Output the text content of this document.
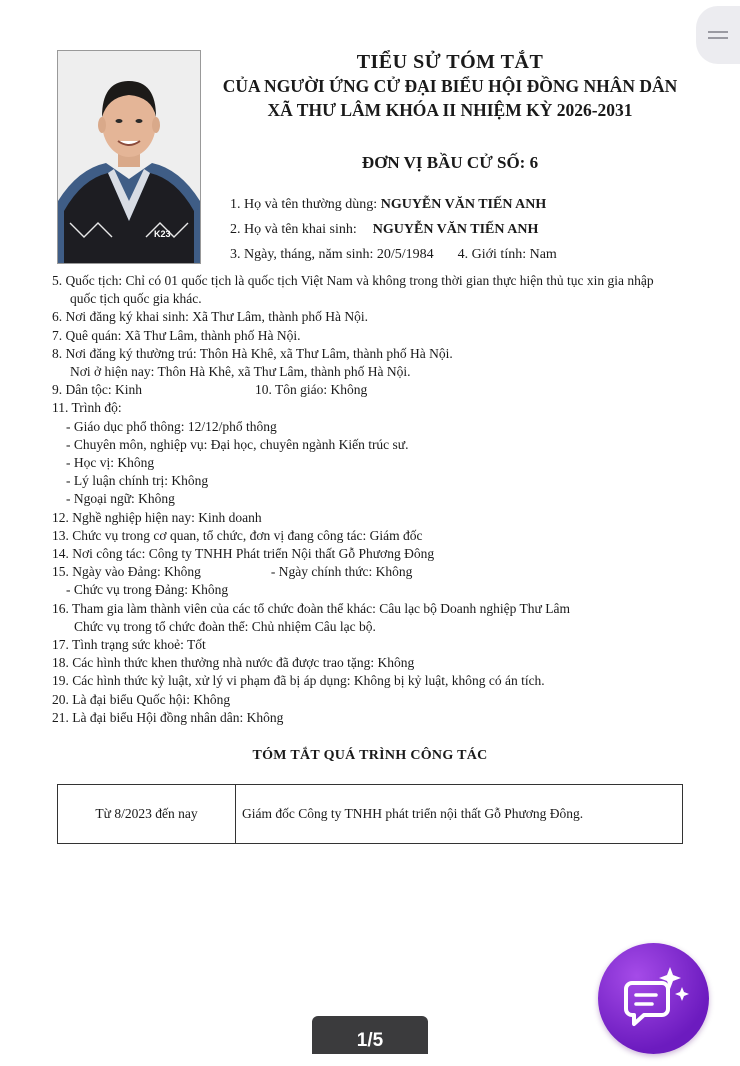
K23
TIỂU SỬ TÓM TẮT
CỦA NGƯỜI ỨNG CỬ ĐẠI BIỂU HỘI ĐỒNG NHÂN DÂN
XÃ THƯ LÂM KHÓA II NHIỆM KỲ 2026-2031
ĐƠN VỊ BẦU CỬ SỐ: 6
1. Họ và tên thường dùng: NGUYỄN VĂN TIẾN ANH
2. Họ và tên khai sinh: NGUYỄN VĂN TIẾN ANH
3. Ngày, tháng, năm sinh: 20/5/1984 4. Giới tính: Nam
5. Quốc tịch: Chỉ có 01 quốc tịch là quốc tịch Việt Nam và không trong thời gian thực hiện thủ tục xin gia nhập
quốc tịch quốc gia khác.
6. Nơi đăng ký khai sinh: Xã Thư Lâm, thành phố Hà Nội.
7. Quê quán: Xã Thư Lâm, thành phố Hà Nội.
8. Nơi đăng ký thường trú: Thôn Hà Khê, xã Thư Lâm, thành phố Hà Nội.
Nơi ở hiện nay: Thôn Hà Khê, xã Thư Lâm, thành phố Hà Nội.
9. Dân tộc: Kinh	10. Tôn giáo: Không
11. Trình độ:
- Giáo dục phổ thông: 12/12/phổ thông
- Chuyên môn, nghiệp vụ: Đại học, chuyên ngành Kiến trúc sư.
- Học vị: Không
- Lý luận chính trị: Không
- Ngoại ngữ: Không
12. Nghề nghiệp hiện nay: Kinh doanh
13. Chức vụ trong cơ quan, tổ chức, đơn vị đang công tác: Giám đốc
14. Nơi công tác: Công ty TNHH Phát triển Nội thất Gỗ Phương Đông
15. Ngày vào Đảng: Không	- Ngày chính thức: Không
- Chức vụ trong Đảng: Không
16. Tham gia làm thành viên của các tổ chức đoàn thể khác: Câu lạc bộ Doanh nghiệp Thư Lâm
Chức vụ trong tổ chức đoàn thể: Chủ nhiệm Câu lạc bộ.
17. Tình trạng sức khoẻ: Tốt
18. Các hình thức khen thưởng nhà nước đã được trao tặng: Không
19. Các hình thức kỷ luật, xử lý vi phạm đã bị áp dụng: Không bị kỷ luật, không có án tích.
20. Là đại biểu Quốc hội: Không
21. Là đại biểu Hội đồng nhân dân: Không
TÓM TẮT QUÁ TRÌNH CÔNG TÁC
Từ 8/2023 đến nay	Giám đốc Công ty TNHH phát triển nội thất Gỗ Phương Đông.
1/5
